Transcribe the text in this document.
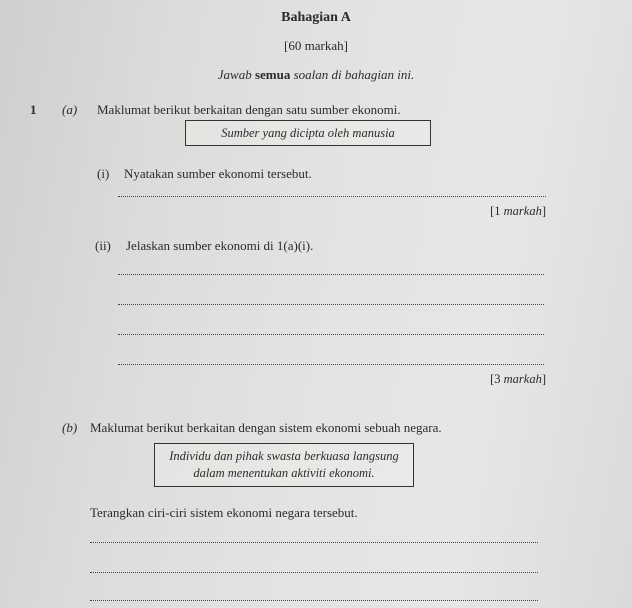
Bahagian A
[60 markah]
Jawab semua soalan di bahagian ini.
1 (a) Maklumat berikut berkaitan dengan satu sumber ekonomi.
Sumber yang dicipta oleh manusia
(i) Nyatakan sumber ekonomi tersebut.
[1 markah]
(ii) Jelaskan sumber ekonomi di 1(a)(i).
[3 markah]
(b) Maklumat berikut berkaitan dengan sistem ekonomi sebuah negara.
Individu dan pihak swasta berkuasa langsung
dalam menentukan aktiviti ekonomi.
Terangkan ciri-ciri sistem ekonomi negara tersebut.
